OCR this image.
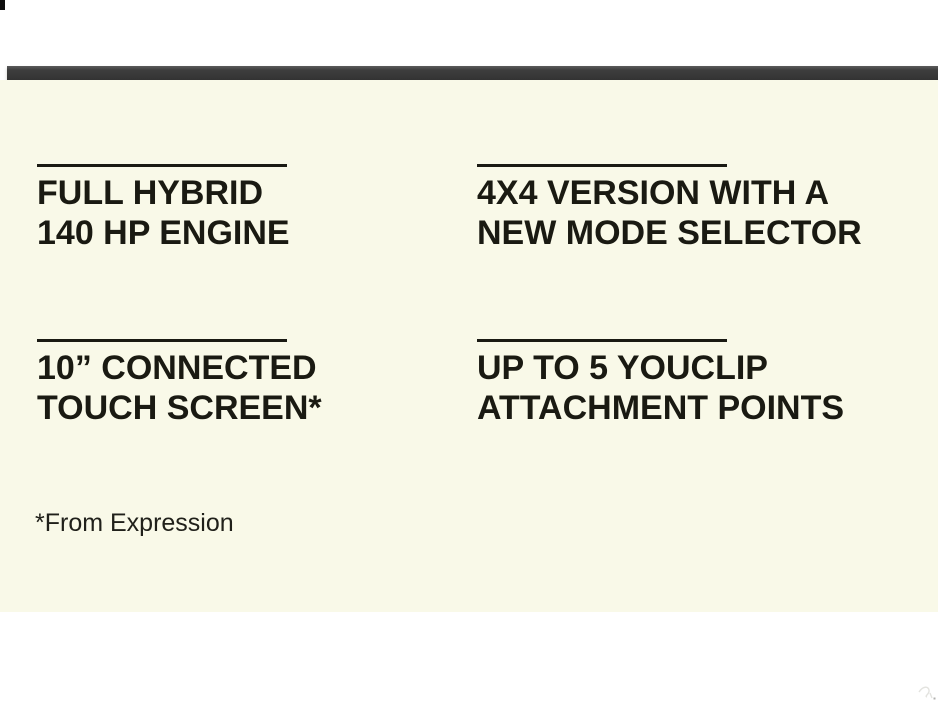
FULL HYBRID
140 HP ENGINE
4X4 VERSION WITH A
NEW MODE SELECTOR
10” CONNECTED
TOUCH SCREEN*
UP TO 5 YOUCLIP
ATTACHMENT POINTS

*From Expression
